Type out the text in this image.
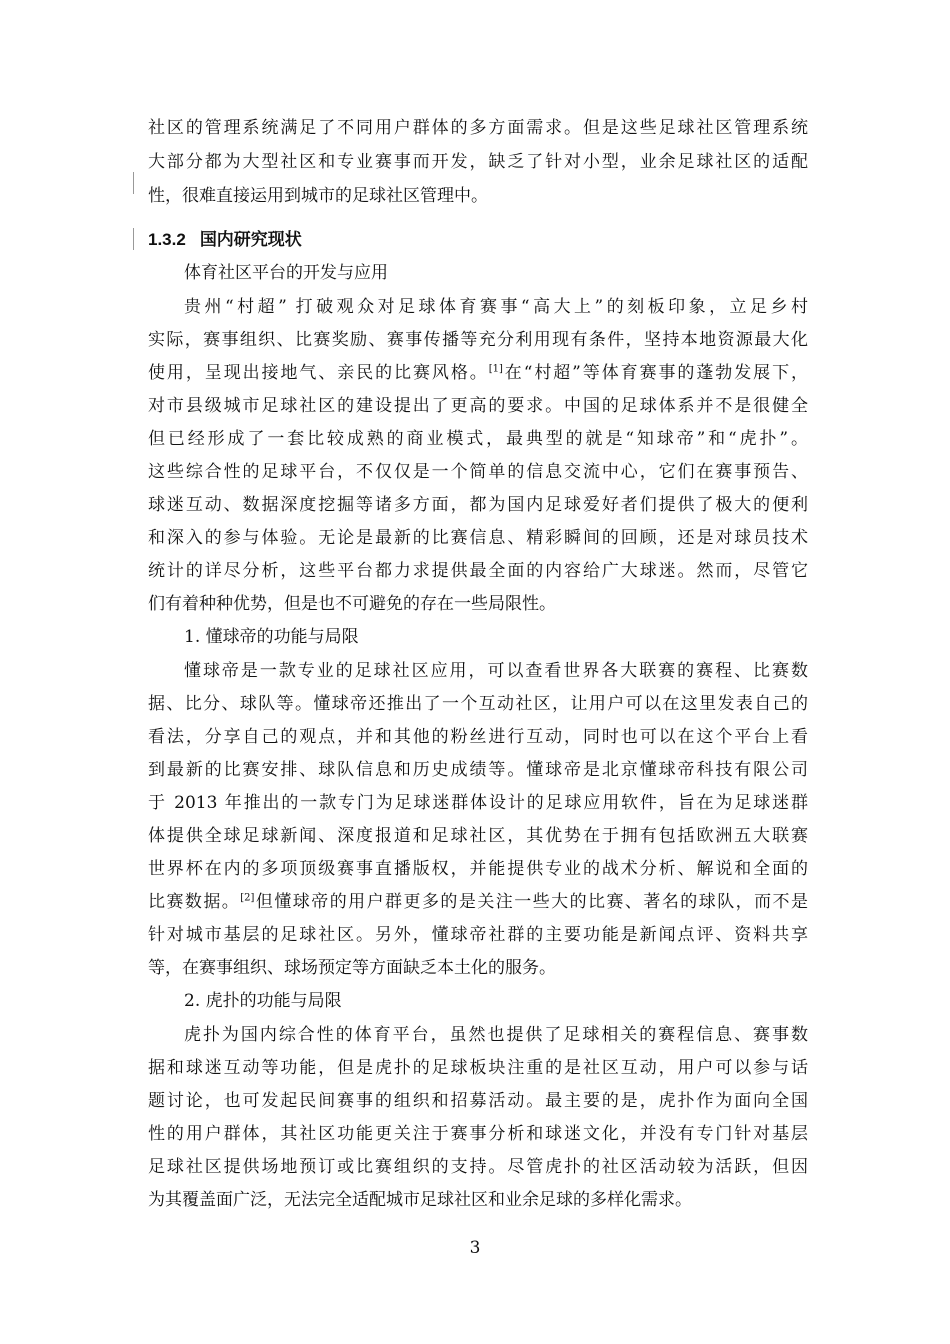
社区的管理系统满足了不同用户群体的多方面需求。但是这些足球社区管理系统
大部分都为大型社区和专业赛事而开发，缺乏了针对小型，业余足球社区的适配
性，很难直接运用到城市的足球社区管理中。
1.3.2 国内研究现状
体育社区平台的开发与应用
贵州“村超” 打破观众对足球体育赛事“高大上”的刻板印象，立足乡村
实际，赛事组织、比赛奖励、赛事传播等充分利用现有条件，坚持本地资源最大化
使用，呈现出接地气、亲民的比赛风格。[1]在“村超”等体育赛事的蓬勃发展下，
对市县级城市足球社区的建设提出了更高的要求。中国的足球体系并不是很健全
但已经形成了一套比较成熟的商业模式，最典型的就是“知球帝”和“虎扑”。
这些综合性的足球平台，不仅仅是一个简单的信息交流中心，它们在赛事预告、
球迷互动、数据深度挖掘等诸多方面，都为国内足球爱好者们提供了极大的便利
和深入的参与体验。无论是最新的比赛信息、精彩瞬间的回顾，还是对球员技术
统计的详尽分析，这些平台都力求提供最全面的内容给广大球迷。然而，尽管它
们有着种种优势，但是也不可避免的存在一些局限性。
1. 懂球帝的功能与局限
懂球帝是一款专业的足球社区应用，可以查看世界各大联赛的赛程、比赛数
据、比分、球队等。懂球帝还推出了一个互动社区，让用户可以在这里发表自己的
看法，分享自己的观点，并和其他的粉丝进行互动，同时也可以在这个平台上看
到最新的比赛安排、球队信息和历史成绩等。懂球帝是北京懂球帝科技有限公司
于 2013 年推出的一款专门为足球迷群体设计的足球应用软件，旨在为足球迷群
体提供全球足球新闻、深度报道和足球社区，其优势在于拥有包括欧洲五大联赛
世界杯在内的多项顶级赛事直播版权，并能提供专业的战术分析、解说和全面的
比赛数据。[2]但懂球帝的用户群更多的是关注一些大的比赛、著名的球队，而不是
针对城市基层的足球社区。另外，懂球帝社群的主要功能是新闻点评、资料共享
等，在赛事组织、球场预定等方面缺乏本土化的服务。
2. 虎扑的功能与局限
虎扑为国内综合性的体育平台，虽然也提供了足球相关的赛程信息、赛事数
据和球迷互动等功能，但是虎扑的足球板块注重的是社区互动，用户可以参与话
题讨论，也可发起民间赛事的组织和招募活动。最主要的是，虎扑作为面向全国
性的用户群体，其社区功能更关注于赛事分析和球迷文化，并没有专门针对基层
足球社区提供场地预订或比赛组织的支持。尽管虎扑的社区活动较为活跃，但因
为其覆盖面广泛，无法完全适配城市足球社区和业余足球的多样化需求。
3
